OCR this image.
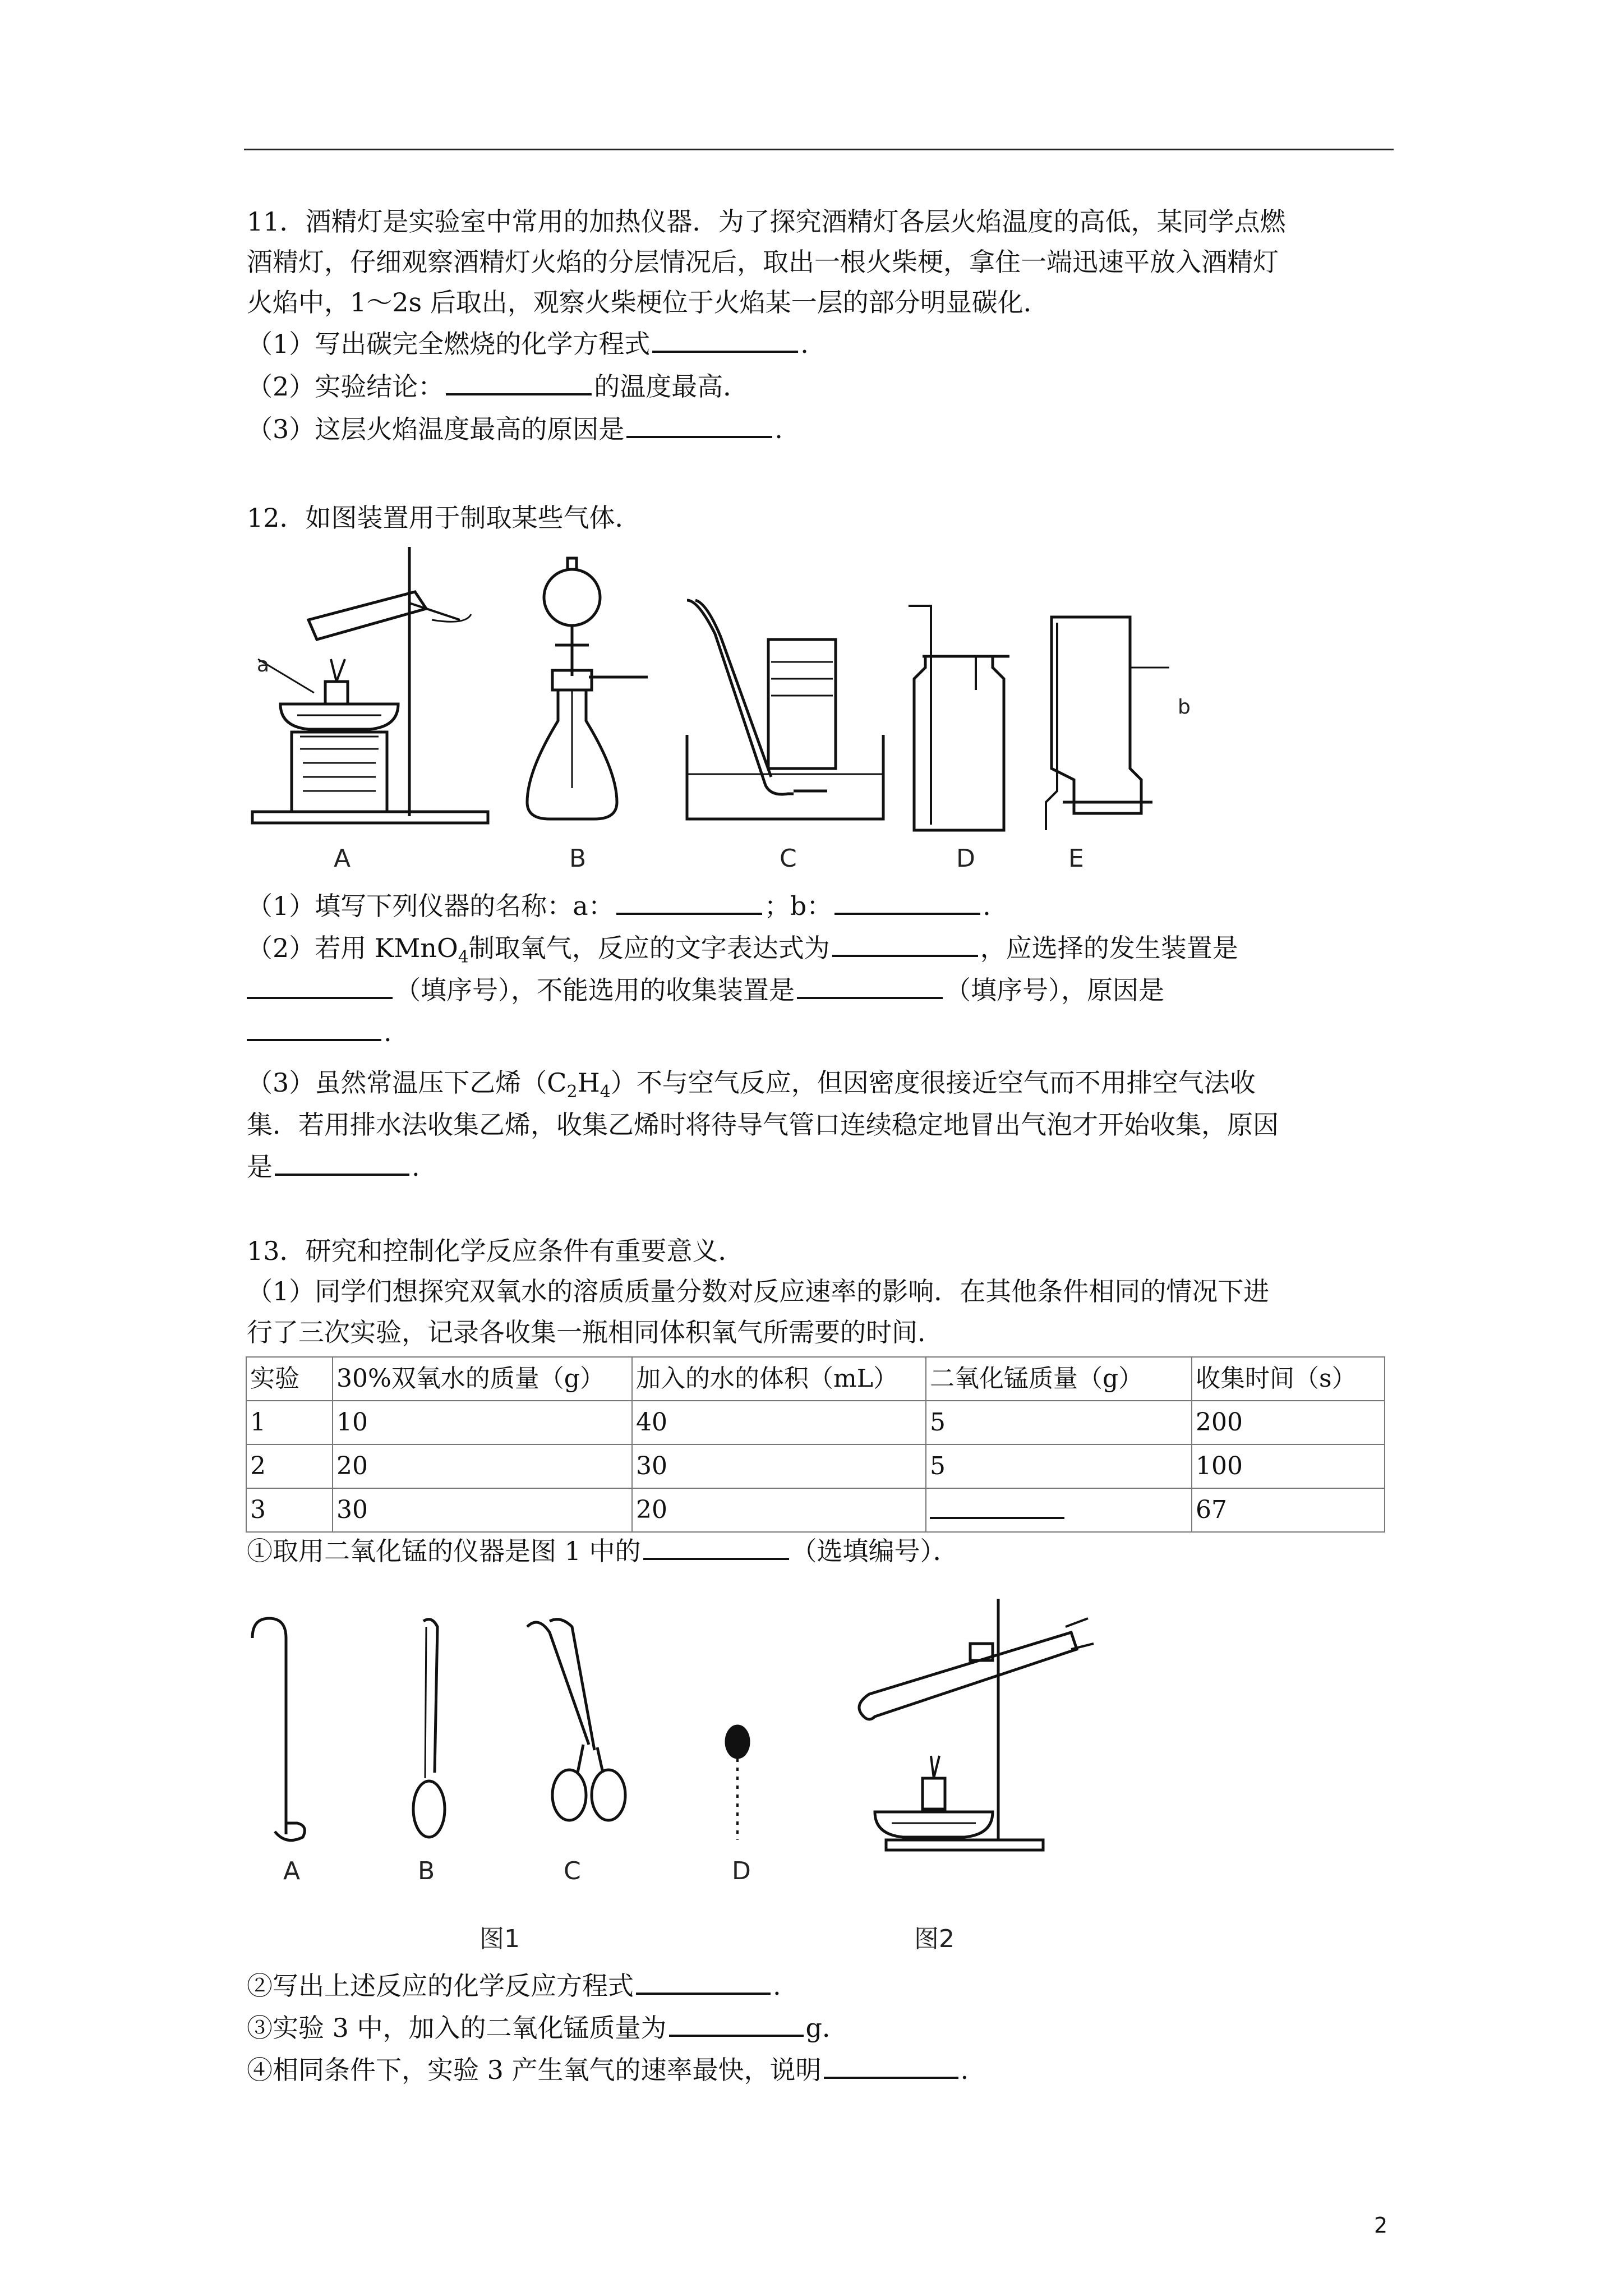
11．酒精灯是实验室中常用的加热仪器．为了探究酒精灯各层火焰温度的高低，某同学点燃
酒精灯，仔细观察酒精灯火焰的分层情况后，取出一根火柴梗，拿住一端迅速平放入酒精灯
火焰中，1～2s 后取出，观察火柴梗位于火焰某一层的部分明显碳化．
（1）写出碳完全燃烧的化学方程式	.
（2）实验结论：	的温度最高．
（3）这层火焰温度最高的原因是	.
12．如图装置用于制取某些气体．
a
b
A	B	C	D	E
（1）填写下列仪器的名称：a：	；b：	.
（2）若用 KMnO$_4$制取氧气，反应的文字表达式为	，应选择的发生装置是
（填序号），不能选用的收集装置是	（填序号），原因是
.
（3）虽然常温压下乙烯$(C_2H_4)$不与空气反应，但因密度很接近空气而不用排空气法收
集．若用排水法收集乙烯，收集乙烯时将待导气管口连续稳定地冒出气泡才开始收集，原因
是	.
13．研究和控制化学反应条件有重要意义．
（1）同学们想探究双氧水的溶质质量分数对反应速率的影响．在其他条件相同的情况下进
行了三次实验，记录各收集一瓶相同体积氧气所需要的时间．
实验	30%双氧水的质量（g）	加入的水的体积（mL）	二氧化锰质量（g）	收集时间（s）
1	10	40	5	200
2	20	30	5	100
3	30	20		67
①取用二氧化锰的仪器是图 1 中的	（选填编号）．
A	B	C	D
图1	图2
②写出上述反应的化学反应方程式	.
③实验 3 中，加入的二氧化锰质量为	g．
④相同条件下，实验 3 产生氧气的速率最快，说明	.
2
